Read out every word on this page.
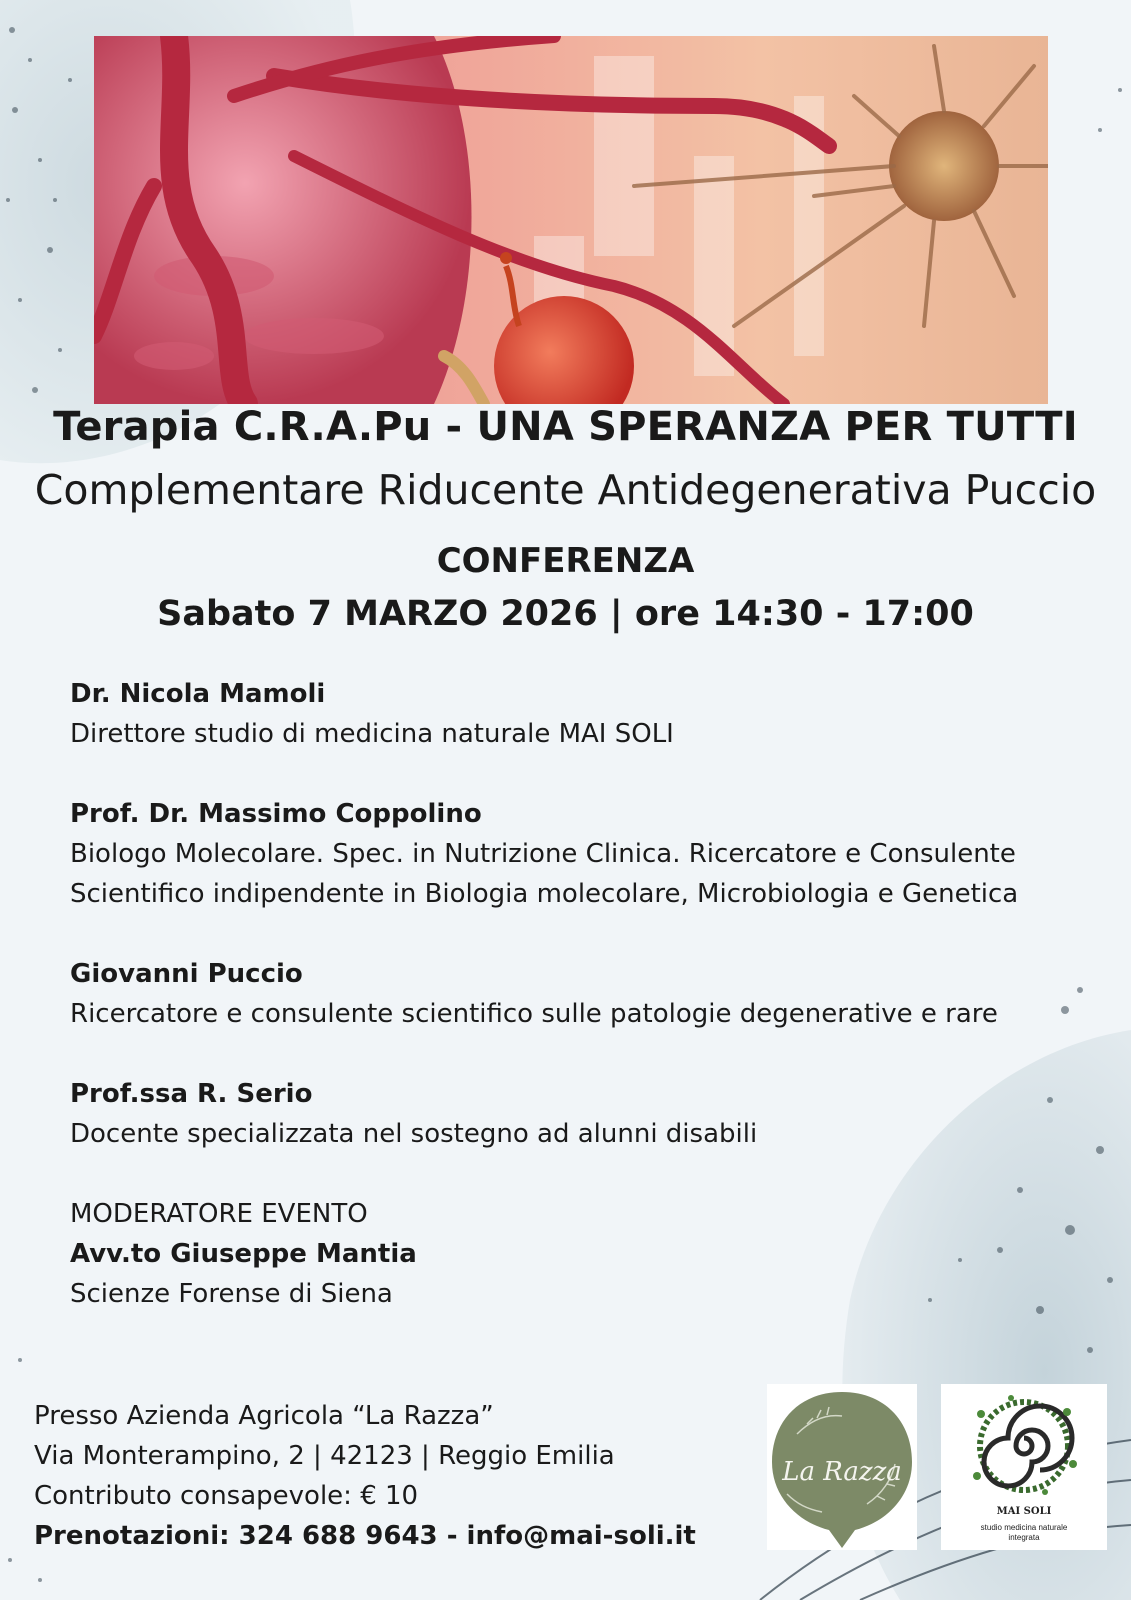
Terapia C.R.A.Pu - UNA SPERANZA PER TUTTI
Complementare Riducente Antidegenerativa Puccio
CONFERENZA
Sabato 7 MARZO 2026 | ore 14:30 - 17:00
Dr. Nicola Mamoli
Direttore studio di medicina naturale MAI SOLI
Prof. Dr. Massimo Coppolino
Biologo Molecolare. Spec. in Nutrizione Clinica. Ricercatore e Consulente
Scientifico indipendente in Biologia molecolare, Microbiologia e Genetica
Giovanni Puccio
Ricercatore e consulente scientifico sulle patologie degenerative e rare
Prof.ssa R. Serio
Docente specializzata nel sostegno ad alunni disabili
MODERATORE EVENTO
Avv.to Giuseppe Mantia
Scienze Forense di Siena
Presso Azienda Agricola “La Razza”
Via Monterampino, 2 | 42123 | Reggio Emilia
Contributo consapevole: € 10
Prenotazioni: 324 688 9643 - info@mai-soli.it
La Razza
MAI SOLI
studio medicina naturale
integrata
